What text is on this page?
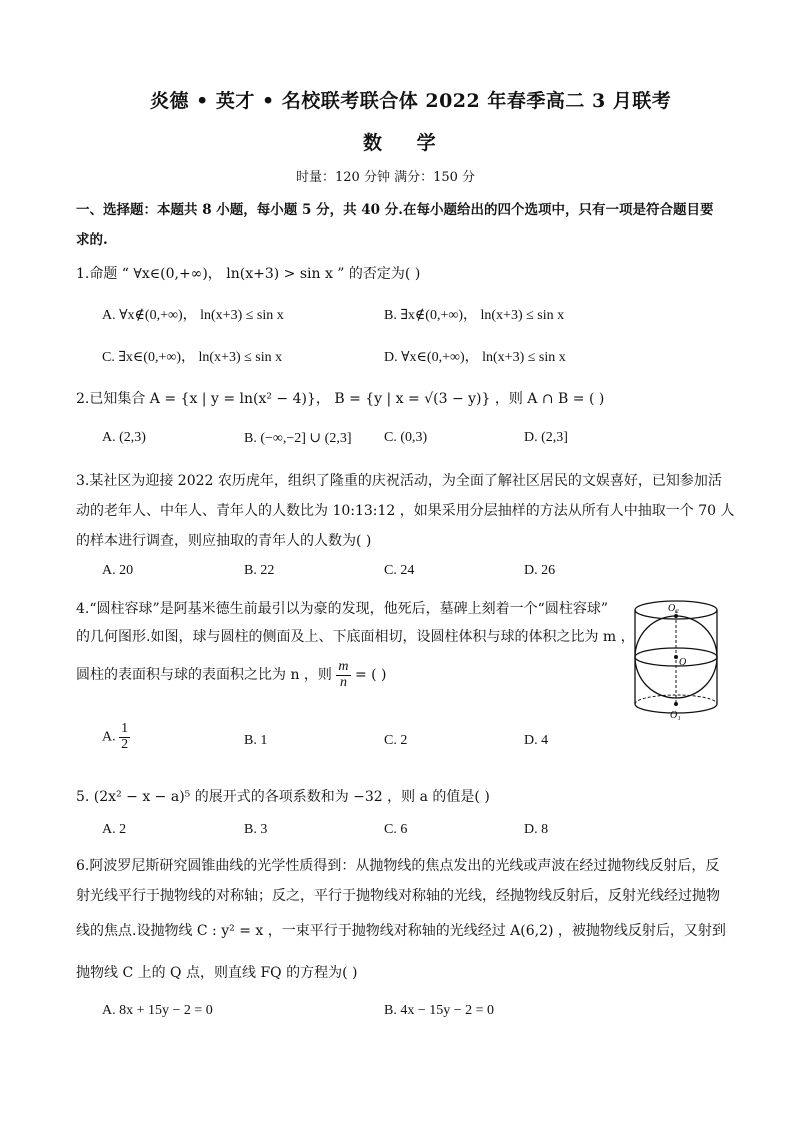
炎德 • 英才 • 名校联考联合体 2022 年春季高二 3 月联考
数 学
时量：120 分钟 满分：150 分
一、选择题：本题共 8 小题，每小题 5 分，共 40 分.在每小题给出的四个选项中，只有一项是符合题目要
求的.
1.命题 “ ∀x∈(0,+∞)， ln(x+3) > sin x ” 的否定为( )
A. ∀x∉(0,+∞)， ln(x+3) ≤ sin x	B. ∃x∉(0,+∞)， ln(x+3) ≤ sin x
C. ∃x∈(0,+∞)， ln(x+3) ≤ sin x	D. ∀x∈(0,+∞)， ln(x+3) ≤ sin x
2.已知集合 A = {x | y = ln(x² − 4)}， B = {y | x = √(3 − y)} ，则 A ∩ B = ( )
A. (2,3)	B. (−∞,−2] ∪ (2,3] C. (0,3)	D. (2,3]
3.某社区为迎接 2022 农历虎年，组织了隆重的庆祝活动，为全面了解社区居民的文娱喜好，已知参加活
动的老年人、中年人、青年人的人数比为 10:13:12 ，如果采用分层抽样的方法从所有人中抽取一个 70 人
的样本进行调查，则应抽取的青年人的人数为( )
A. 20	B. 22	C. 24	D. 26
4.“圆柱容球”是阿基米德生前最引以为豪的发现，他死后，墓碑上刻着一个“圆柱容球”
的几何图形.如图，球与圆柱的侧面及上、下底面相切，设圆柱体积与球的体积之比为 m ，
圆柱的表面积与球的表面积之比为 n ，则 $\frac{m}{n}$ = ( )
A. $\frac{1}{2}$	B. 1	C. 2	D. 4
O₂
O
O₁
5. (2x² − x − a)⁵ 的展开式的各项系数和为 −32 ，则 a 的值是( )
A. 2	B. 3	C. 6	D. 8
6.阿波罗尼斯研究圆锥曲线的光学性质得到：从抛物线的焦点发出的光线或声波在经过抛物线反射后，反
射光线平行于抛物线的对称轴；反之，平行于抛物线对称轴的光线，经抛物线反射后，反射光线经过抛物
线的焦点.设抛物线 C : y² = x ，一束平行于抛物线对称轴的光线经过 A(6,2) ，被抛物线反射后，又射到
抛物线 C 上的 Q 点，则直线 FQ 的方程为( )
A. 8x + 15y − 2 = 0	B. 4x − 15y − 2 = 0
